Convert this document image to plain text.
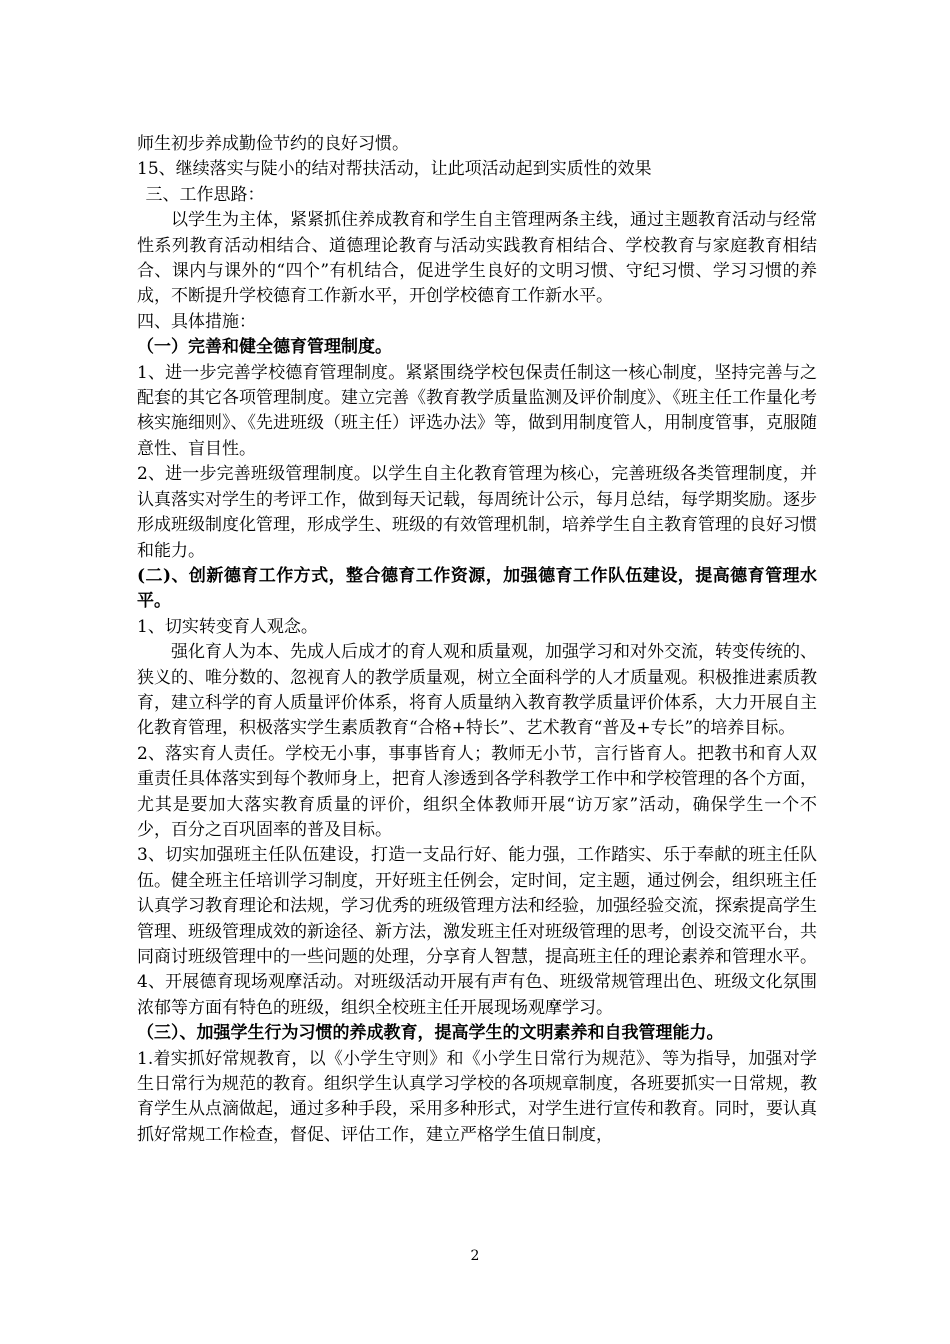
师生初步养成勤俭节约的良好习惯。

15、继续落实与陡小的结对帮扶活动，让此项活动起到实质性的效果

三、工作思路：

以学生为主体，紧紧抓住养成教育和学生自主管理两条主线，通过主题教育活动与经常性系列教育活动相结合、道德理论教育与活动实践教育相结合、学校教育与家庭教育相结合、课内与课外的“四个”有机结合，促进学生良好的文明习惯、守纪习惯、学习习惯的养成，不断提升学校德育工作新水平，开创学校德育工作新水平。

四、具体措施：

（一）完善和健全德育管理制度。

1、进一步完善学校德育管理制度。紧紧围绕学校包保责任制这一核心制度，坚持完善与之配套的其它各项管理制度。建立完善《教育教学质量监测及评价制度》、《班主任工作量化考核实施细则》、《先进班级（班主任）评选办法》等，做到用制度管人，用制度管事，克服随意性、盲目性。

2、进一步完善班级管理制度。以学生自主化教育管理为核心，完善班级各类管理制度，并认真落实对学生的考评工作，做到每天记载，每周统计公示，每月总结，每学期奖励。逐步形成班级制度化管理，形成学生、班级的有效管理机制，培养学生自主教育管理的良好习惯和能力。

(二)、创新德育工作方式，整合德育工作资源，加强德育工作队伍建设，提高德育管理水平。

1、切实转变育人观念。

强化育人为本、先成人后成才的育人观和质量观，加强学习和对外交流，转变传统的、狭义的、唯分数的、忽视育人的教学质量观，树立全面科学的人才质量观。积极推进素质教育，建立科学的育人质量评价体系，将育人质量纳入教育教学质量评价体系，大力开展自主化教育管理，积极落实学生素质教育“合格+特长”、艺术教育“普及+专长”的培养目标。

2、落实育人责任。学校无小事，事事皆育人；教师无小节，言行皆育人。把教书和育人双重责任具体落实到每个教师身上，把育人渗透到各学科教学工作中和学校管理的各个方面，尤其是要加大落实教育质量的评价，组织全体教师开展“访万家”活动，确保学生一个不少，百分之百巩固率的普及目标。

3、切实加强班主任队伍建设，打造一支品行好、能力强，工作踏实、乐于奉献的班主任队伍。健全班主任培训学习制度，开好班主任例会，定时间，定主题，通过例会，组织班主任认真学习教育理论和法规，学习优秀的班级管理方法和经验，加强经验交流，探索提高学生管理、班级管理成效的新途径、新方法，激发班主任对班级管理的思考，创设交流平台，共同商讨班级管理中的一些问题的处理，分享育人智慧，提高班主任的理论素养和管理水平。

4、开展德育现场观摩活动。对班级活动开展有声有色、班级常规管理出色、班级文化氛围浓郁等方面有特色的班级，组织全校班主任开展现场观摩学习。

（三）、加强学生行为习惯的养成教育，提高学生的文明素养和自我管理能力。

1.着实抓好常规教育，以《小学生守则》和《小学生日常行为规范》、等为指导，加强对学生日常行为规范的教育。组织学生认真学习学校的各项规章制度，各班要抓实一日常规，教育学生从点滴做起，通过多种手段，采用多种形式，对学生进行宣传和教育。同时，要认真抓好常规工作检查，督促、评估工作，建立严格学生值日制度，

2
